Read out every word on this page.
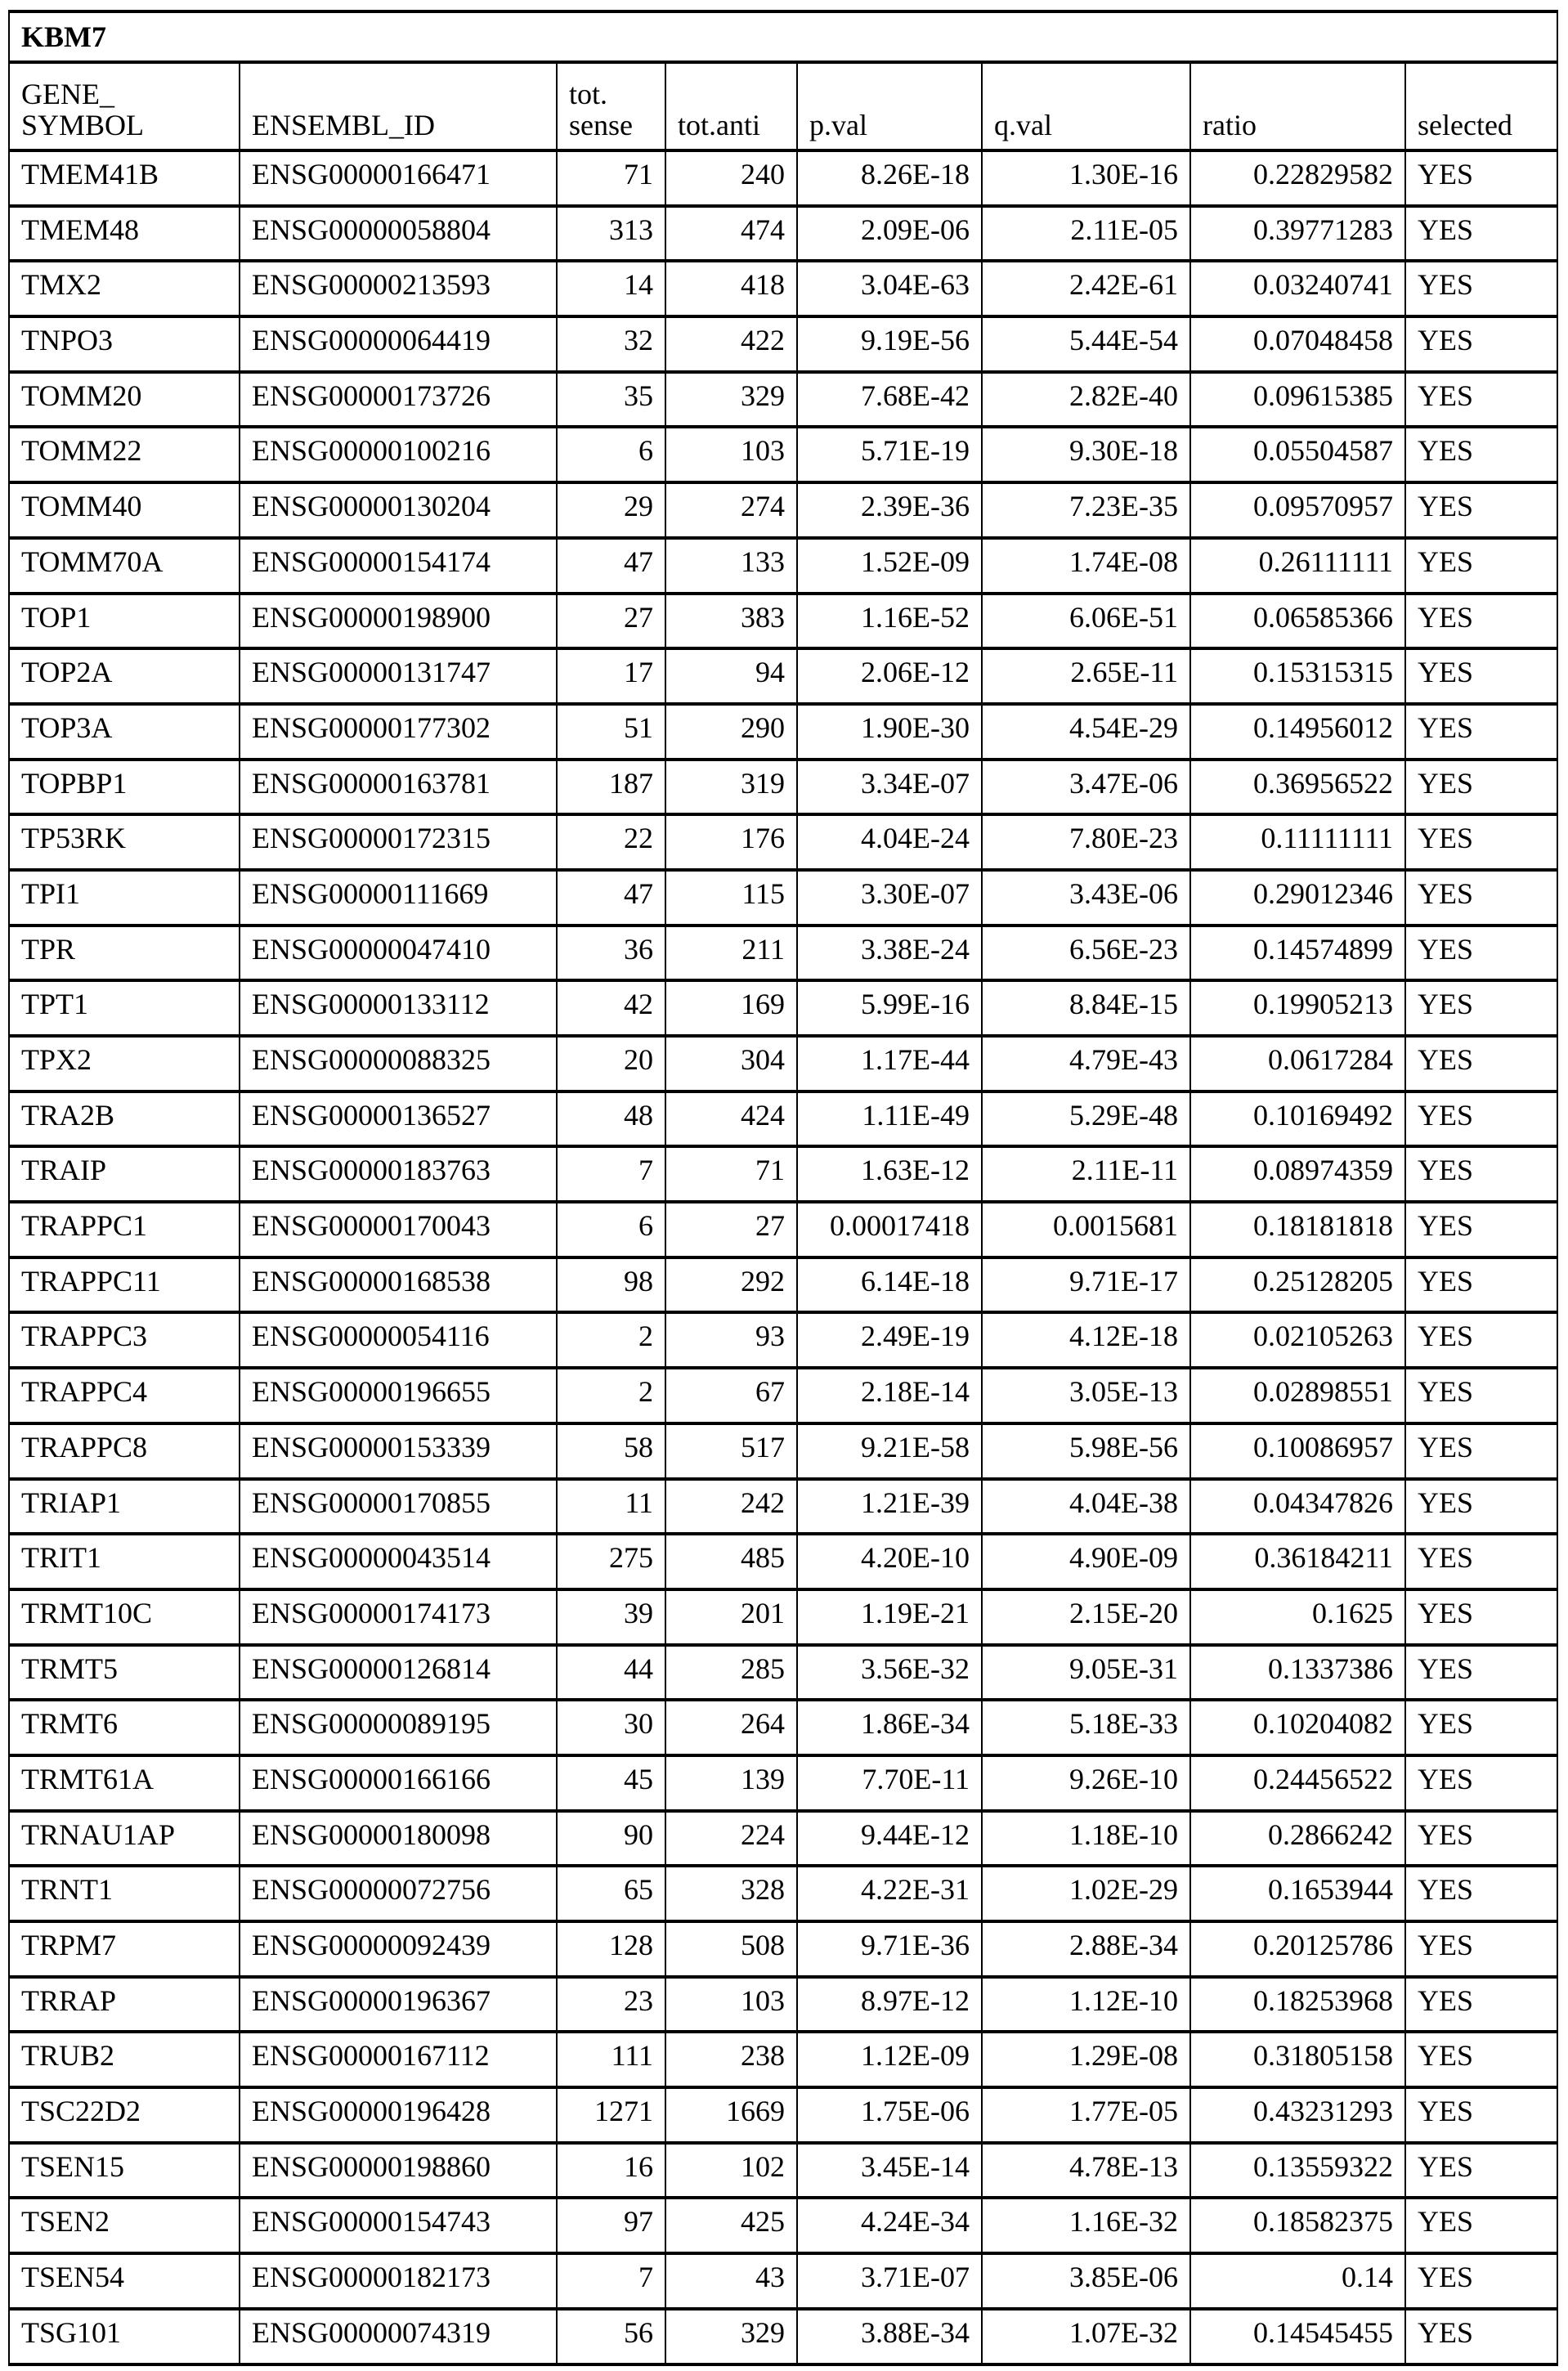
KBM7
GENE_
SYMBOL	ENSEMBL_ID	tot.
sense	tot.anti	p.val	q.val	ratio	selected
TMEM41B	ENSG00000166471	71	240	8.26E-18	1.30E-16	0.22829582	YES
TMEM48	ENSG00000058804	313	474	2.09E-06	2.11E-05	0.39771283	YES
TMX2	ENSG00000213593	14	418	3.04E-63	2.42E-61	0.03240741	YES
TNPO3	ENSG00000064419	32	422	9.19E-56	5.44E-54	0.07048458	YES
TOMM20	ENSG00000173726	35	329	7.68E-42	2.82E-40	0.09615385	YES
TOMM22	ENSG00000100216	6	103	5.71E-19	9.30E-18	0.05504587	YES
TOMM40	ENSG00000130204	29	274	2.39E-36	7.23E-35	0.09570957	YES
TOMM70A	ENSG00000154174	47	133	1.52E-09	1.74E-08	0.26111111	YES
TOP1	ENSG00000198900	27	383	1.16E-52	6.06E-51	0.06585366	YES
TOP2A	ENSG00000131747	17	94	2.06E-12	2.65E-11	0.15315315	YES
TOP3A	ENSG00000177302	51	290	1.90E-30	4.54E-29	0.14956012	YES
TOPBP1	ENSG00000163781	187	319	3.34E-07	3.47E-06	0.36956522	YES
TP53RK	ENSG00000172315	22	176	4.04E-24	7.80E-23	0.11111111	YES
TPI1	ENSG00000111669	47	115	3.30E-07	3.43E-06	0.29012346	YES
TPR	ENSG00000047410	36	211	3.38E-24	6.56E-23	0.14574899	YES
TPT1	ENSG00000133112	42	169	5.99E-16	8.84E-15	0.19905213	YES
TPX2	ENSG00000088325	20	304	1.17E-44	4.79E-43	0.0617284	YES
TRA2B	ENSG00000136527	48	424	1.11E-49	5.29E-48	0.10169492	YES
TRAIP	ENSG00000183763	7	71	1.63E-12	2.11E-11	0.08974359	YES
TRAPPC1	ENSG00000170043	6	27	0.00017418	0.0015681	0.18181818	YES
TRAPPC11	ENSG00000168538	98	292	6.14E-18	9.71E-17	0.25128205	YES
TRAPPC3	ENSG00000054116	2	93	2.49E-19	4.12E-18	0.02105263	YES
TRAPPC4	ENSG00000196655	2	67	2.18E-14	3.05E-13	0.02898551	YES
TRAPPC8	ENSG00000153339	58	517	9.21E-58	5.98E-56	0.10086957	YES
TRIAP1	ENSG00000170855	11	242	1.21E-39	4.04E-38	0.04347826	YES
TRIT1	ENSG00000043514	275	485	4.20E-10	4.90E-09	0.36184211	YES
TRMT10C	ENSG00000174173	39	201	1.19E-21	2.15E-20	0.1625	YES
TRMT5	ENSG00000126814	44	285	3.56E-32	9.05E-31	0.1337386	YES
TRMT6	ENSG00000089195	30	264	1.86E-34	5.18E-33	0.10204082	YES
TRMT61A	ENSG00000166166	45	139	7.70E-11	9.26E-10	0.24456522	YES
TRNAU1AP	ENSG00000180098	90	224	9.44E-12	1.18E-10	0.2866242	YES
TRNT1	ENSG00000072756	65	328	4.22E-31	1.02E-29	0.1653944	YES
TRPM7	ENSG00000092439	128	508	9.71E-36	2.88E-34	0.20125786	YES
TRRAP	ENSG00000196367	23	103	8.97E-12	1.12E-10	0.18253968	YES
TRUB2	ENSG00000167112	111	238	1.12E-09	1.29E-08	0.31805158	YES
TSC22D2	ENSG00000196428	1271	1669	1.75E-06	1.77E-05	0.43231293	YES
TSEN15	ENSG00000198860	16	102	3.45E-14	4.78E-13	0.13559322	YES
TSEN2	ENSG00000154743	97	425	4.24E-34	1.16E-32	0.18582375	YES
TSEN54	ENSG00000182173	7	43	3.71E-07	3.85E-06	0.14	YES
TSG101	ENSG00000074319	56	329	3.88E-34	1.07E-32	0.14545455	YES
